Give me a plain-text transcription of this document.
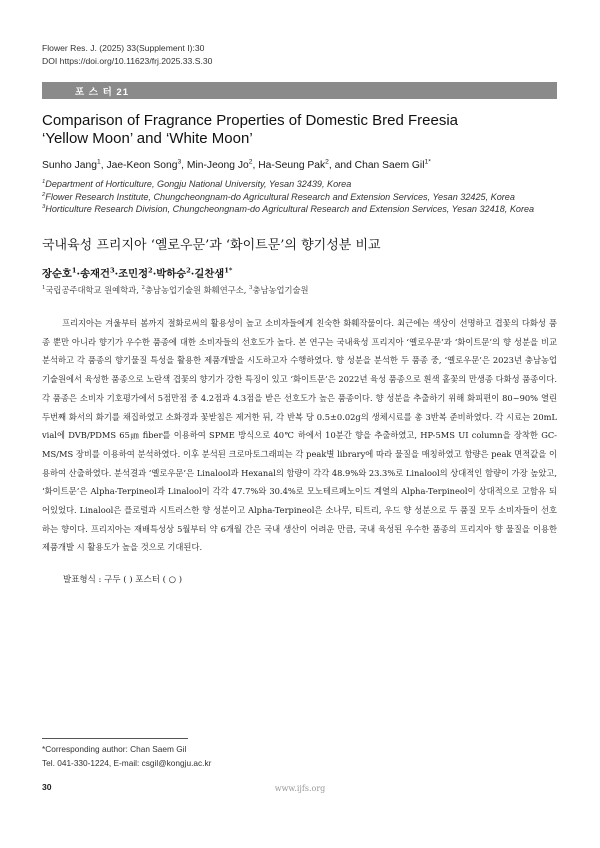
Flower Res. J. (2025) 33(Supplement I):30
DOI https://doi.org/10.11623/frj.2025.33.S.30
포 스 터 21
Comparison of Fragrance Properties of Domestic Bred Freesia
‘Yellow Moon’ and ‘White Moon’
Sunho Jang$^1$, Jae-Keon Song$^3$, Min-Jeong Jo$^2$, Ha-Seung Pak$^2$, and Chan Saem Gil$^{1*}$
$^1$Department of Horticulture, Gongju National University, Yesan 32439, Korea
$^2$Flower Research Institute, Chungcheongnam-do Agricultural Research and Extension Services, Yesan 32425, Korea
$^3$Horticulture Research Division, Chungcheongnam-do Agricultural Research and Extension Services, Yesan 32418, Korea
국내육성 프리지아 ‘옐로우문’과 ‘화이트문’의 향기성분 비교
장순호$^1$·송재건$^3$·조민정$^2$·박하승$^2$·길찬샘$^{1*}$
$^1$국립공주대학교 원예학과, $^2$충남농업기술원 화훼연구소, $^3$충남농업기술원

프리지아는 겨울부터 봄까지 절화로써의 활용성이 높고 소비자들에게 친숙한 화훼작물이다. 최근에는 색상이 선명하고 겹꽃의 다화성 품종 뿐만 아니라 향기가 우수한 품종에 대한 소비자들의 선호도가 높다. 본 연구는 국내육성 프리지아 ‘옐로우문’과 ‘화이트문’의 향 성분을 비교분석하고 각 품종의 향기물질 특성을 활용한 제품개발을 시도하고자 수행하였다. 향 성분을 분석한 두 품종 중, ‘옐로우문’은 2023년 충남농업기술원에서 육성한 품종으로 노란색 겹꽃의 향기가 강한 특징이 있고 ‘화이트문’은 2022년 육성 품종으로 흰색 홑꽃의 만생종 다화성 품종이다. 각 품종은 소비자 기호평가에서 5점만점 중 4.2점과 4.3점을 받은 선호도가 높은 품종이다. 향 성분을 추출하기 위해 화피편이 80~90% 열린 두번째 화서의 화기를 채집하였고 소화경과 꽃받침은 제거한 뒤, 각 반복 당 0.5±0.02g의 생체시료를 총 3반복 준비하였다. 각 시료는 20mL vial에 DVB/PDMS 65㎛ fiber를 이용하여 SPME 방식으로 40℃ 하에서 10분간 향을 추출하였고, HP-5MS UI column을 장착한 GC-MS/MS 장비를 이용하여 분석하였다. 이후 분석된 크로마토그래피는 각 peak별 library에 따라 물질을 매칭하였고 함량은 peak 면적값을 이용하여 산출하였다. 분석결과 ‘옐로우문’은 Linalool과 Hexanal의 함량이 각각 48.9%와 23.3%로 Linalool의 상대적인 함량이 가장 높았고, ‘화이트문’은 Alpha-Terpineol과 Linalool이 각각 47.7%와 30.4%로 모노테르페노이드 계열의 Alpha-Terpineol이 상대적으로 고함유 되어있었다. Linalool은 플로럴과 시트러스한 향 성분이고 Alpha-Terpineol은 소나무, 티트리, 우드 향 성분으로 두 품질 모두 소비자들이 선호하는 향이다. 프리지아는 재배특성상 5월부터 약 6개월 간은 국내 생산이 어려운 만큼, 국내 육성된 우수한 품종의 프리지아 향 물질을 이용한 제품개발 시 활용도가 높을 것으로 기대된다.

발표형식 : 구두 ( ) 포스터 ( ○ )
*Corresponding author: Chan Saem Gil
Tel. 041-330-1224, E-mail: csgil@kongju.ac.kr
30	www.ijfs.org
